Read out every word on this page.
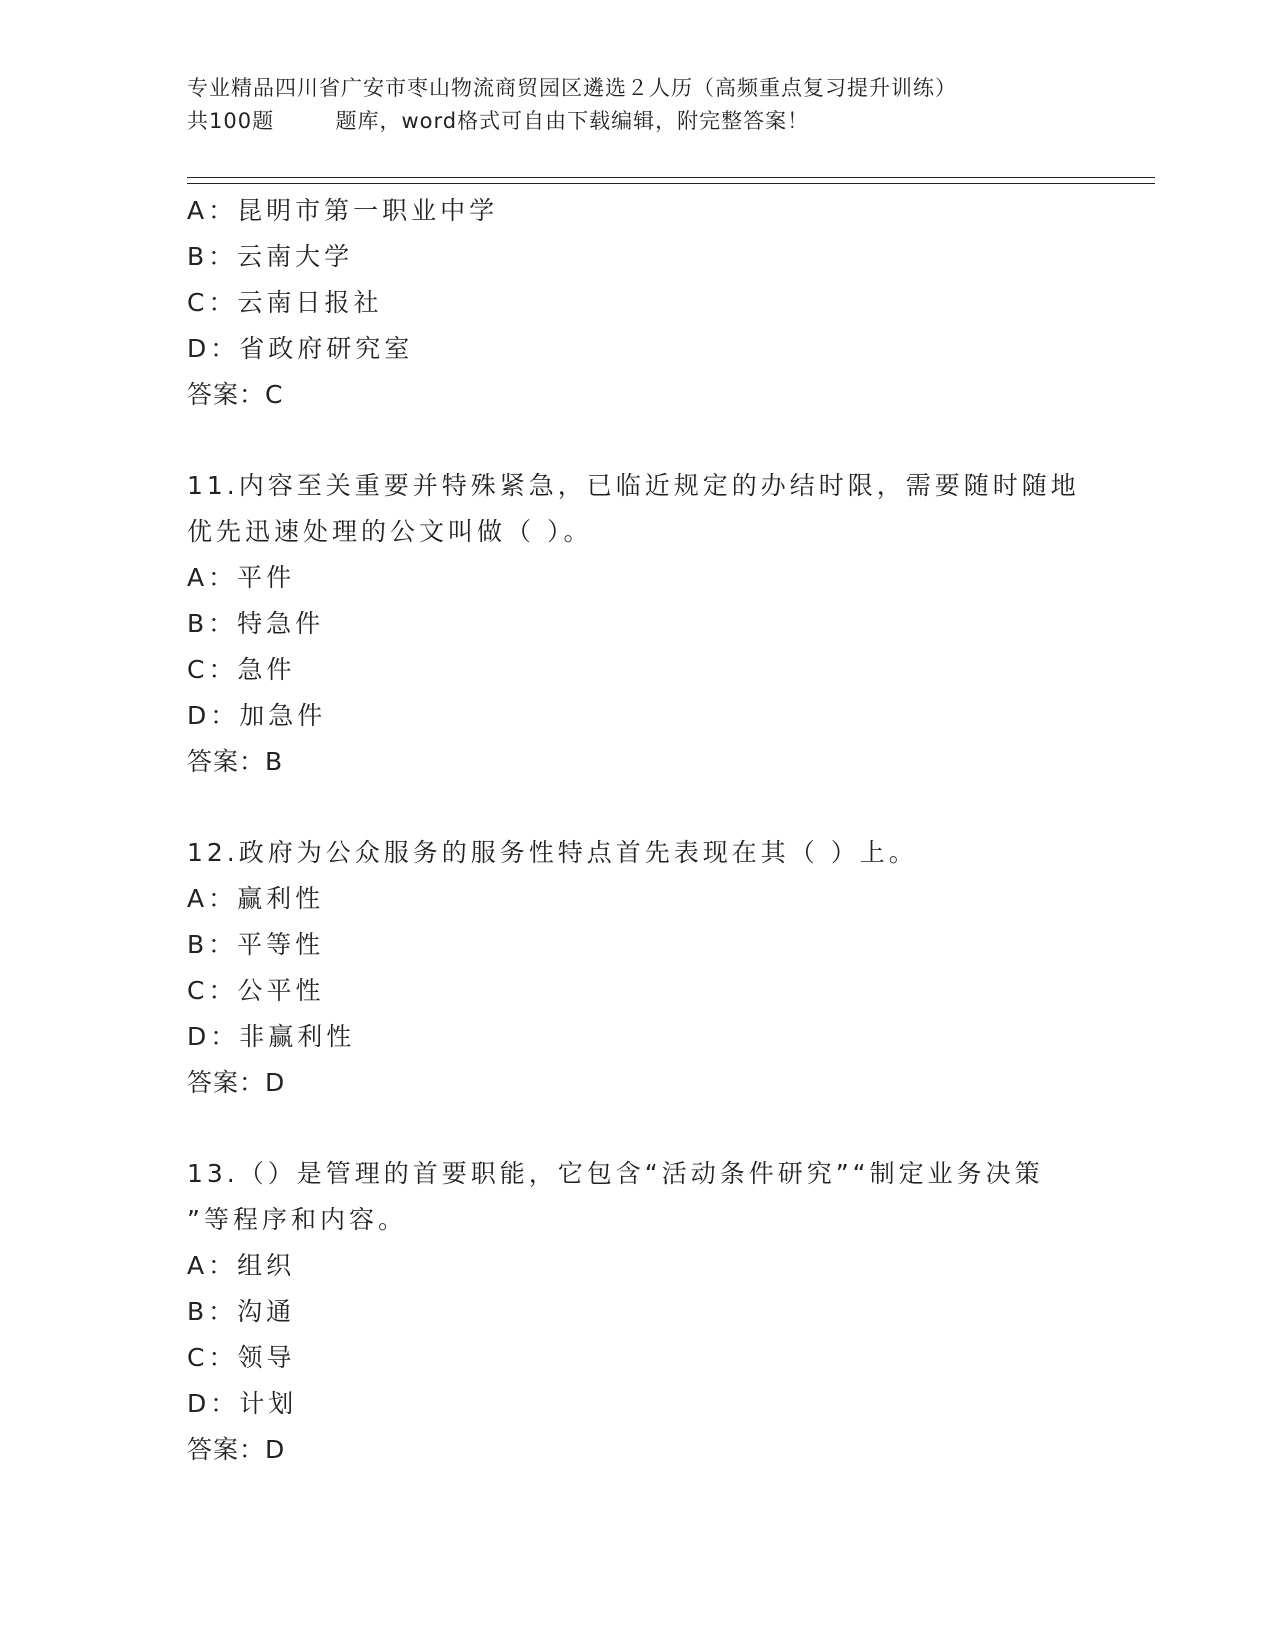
专业精品四川省广安市枣山物流商贸园区遴选２人历（高频重点复习提升训练）
共100题        题库，word格式可自由下载编辑，附完整答案！
A：昆明市第一职业中学
B：云南大学
C：云南日报社
D：省政府研究室
答案：C
11.内容至关重要并特殊紧急，已临近规定的办结时限，需要随时随地
优先迅速处理的公文叫做（ ）。
A：平件
B：特急件
C：急件
D：加急件
答案：B
12.政府为公众服务的服务性特点首先表现在其（ ）上。
A：赢利性
B：平等性
C：公平性
D：非赢利性
答案：D
13.（）是管理的首要职能，它包含“活动条件研究”“制定业务决策
”等程序和内容。
A：组织
B：沟通
C：领导
D：计划
答案：D
